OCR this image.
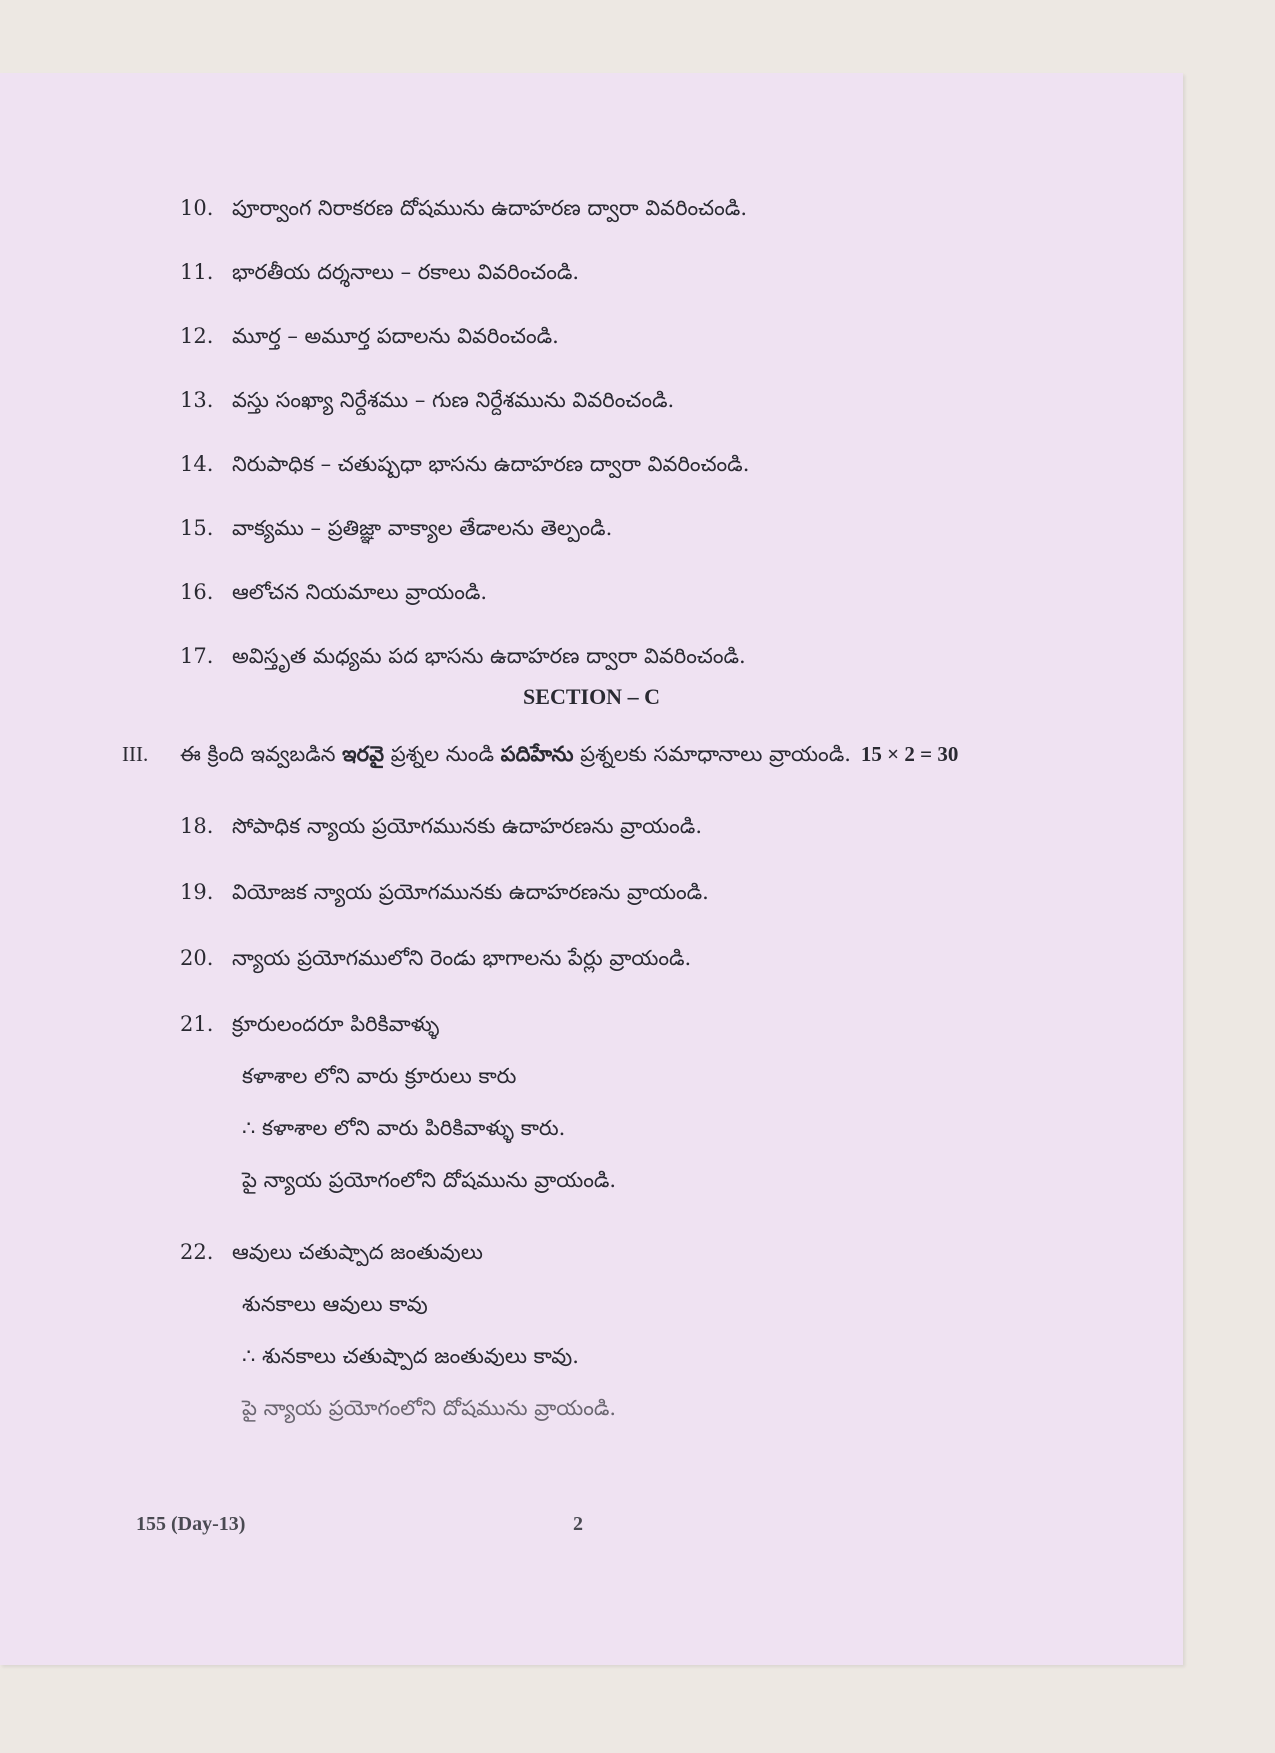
10. పూర్వాంగ నిరాకరణ దోషమును ఉదాహరణ ద్వారా వివరించండి.
11. భారతీయ దర్శనాలు – రకాలు వివరించండి.
12. మూర్త – అమూర్త పదాలను వివరించండి.
13. వస్తు సంఖ్యా నిర్దేశము – గుణ నిర్దేశమును వివరించండి.
14. నిరుపాధిక – చతుష్పధా భాసను ఉదాహరణ ద్వారా వివరించండి.
15. వాక్యము – ప్రతిజ్ఞా వాక్యాల తేడాలను తెల్పండి.
16. ఆలోచన నియమాలు వ్రాయండి.
17. అవిస్తృత మధ్యమ పద భాసను ఉదాహరణ ద్వారా వివరించండి.
SECTION – C
III. ఈ క్రింది ఇవ్వబడిన ఇరవై ప్రశ్నల నుండి పదిహేను ప్రశ్నలకు సమాధానాలు వ్రాయండి. 15 × 2 = 30
18. సోపాధిక న్యాయ ప్రయోగమునకు ఉదాహరణను వ్రాయండి.
19. వియోజక న్యాయ ప్రయోగమునకు ఉదాహరణను వ్రాయండి.
20. న్యాయ ప్రయోగములోని రెండు భాగాలను పేర్లు వ్రాయండి.
21. క్రూరులందరూ పిరికివాళ్ళు
కళాశాల లోని వారు క్రూరులు కారు
∴ కళాశాల లోని వారు పిరికివాళ్ళు కారు.
పై న్యాయ ప్రయోగంలోని దోషమును వ్రాయండి.
22. ఆవులు చతుష్పాద జంతువులు
శునకాలు ఆవులు కావు
∴ శునకాలు చతుష్పాద జంతువులు కావు.
పై న్యాయ ప్రయోగంలోని దోషమును వ్రాయండి.
155 (Day-13)	2
